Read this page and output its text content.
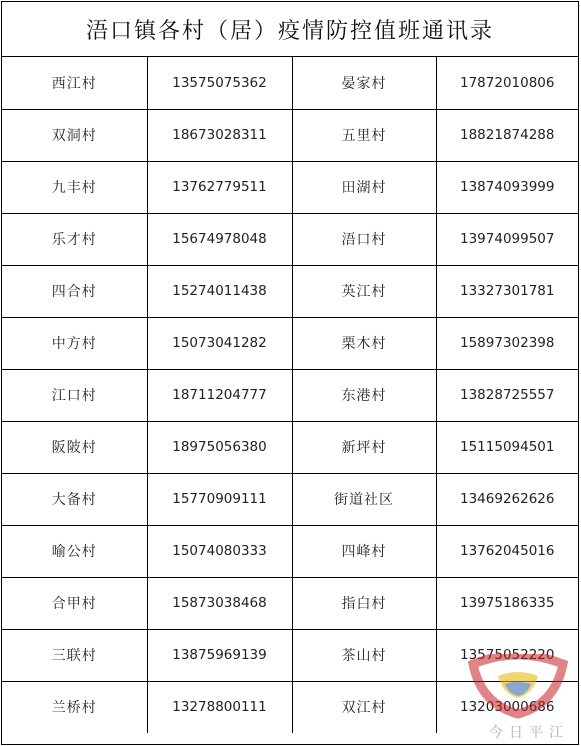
浯口镇各村（居）疫情防控值班通讯录
西江村	13575075362	晏家村	17872010806
双洞村	18673028311	五里村	18821874288
九丰村	13762779511	田湖村	13874093999
乐才村	15674978048	浯口村	13974099507
四合村	15274011438	英江村	13327301781
中方村	15073041282	栗木村	15897302398
江口村	18711204777	东港村	13828725557
阪陂村	18975056380	新坪村	15115094501
大备村	15770909111	街道社区	13469262626
喻公村	15074080333	四峰村	13762045016
合甲村	15873038468	指白村	13975186335
三联村	13875969139	茶山村	13575052220
兰桥村	13278800111	双江村	13203000686
今日平江
